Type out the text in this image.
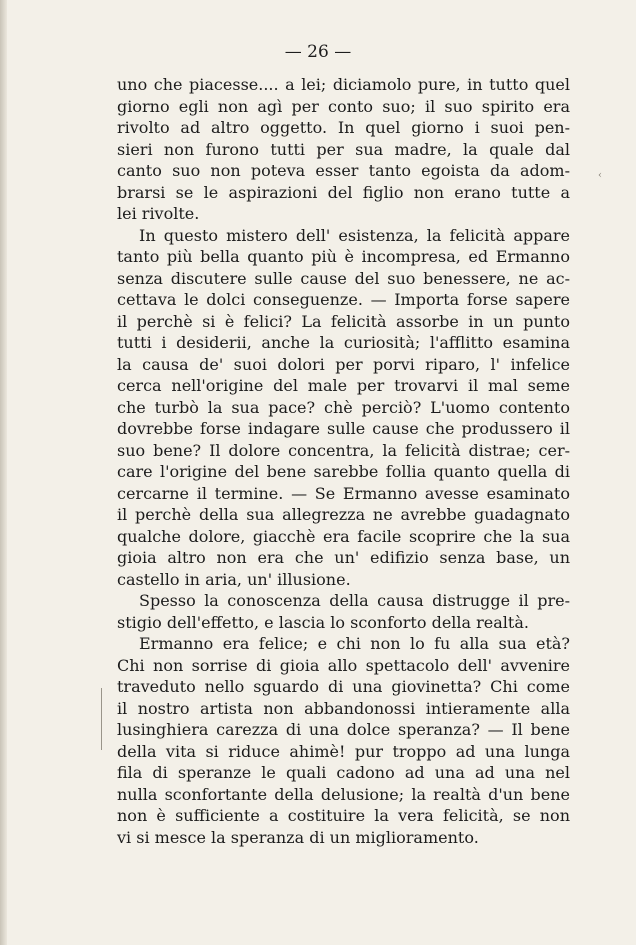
— 26 —
‹

uno che piacesse.... a lei; diciamolo pure, in tutto quel
giorno egli non agì per conto suo; il suo spirito era
rivolto ad altro oggetto. In quel giorno i suoi pen-
sieri non furono tutti per sua madre, la quale dal
canto suo non poteva esser tanto egoista da adom-
brarsi se le aspirazioni del figlio non erano tutte a
lei rivolte.

In questo mistero dell' esistenza, la felicità appare
tanto più bella quanto più è incompresa, ed Ermanno
senza discutere sulle cause del suo benessere, ne ac-
cettava le dolci conseguenze. — Importa forse sapere
il perchè si è felici? La felicità assorbe in un punto
tutti i desiderii, anche la curiosità; l'afflitto esamina
la causa de' suoi dolori per porvi riparo, l' infelice
cerca nell'origine del male per trovarvi il mal seme
che turbò la sua pace? chè perciò? L'uomo contento
dovrebbe forse indagare sulle cause che produssero il
suo bene? Il dolore concentra, la felicità distrae; cer-
care l'origine del bene sarebbe follia quanto quella di
cercarne il termine. — Se Ermanno avesse esaminato
il perchè della sua allegrezza ne avrebbe guadagnato
qualche dolore, giacchè era facile scoprire che la sua
gioia altro non era che un' edifizio senza base, un
castello in aria, un' illusione.

Spesso la conoscenza della causa distrugge il pre-
stigio dell'effetto, e lascia lo sconforto della realtà.

Ermanno era felice; e chi non lo fu alla sua età?
Chi non sorrise di gioia allo spettacolo dell' avvenire
traveduto nello sguardo di una giovinetta? Chi come
il nostro artista non abbandonossi intieramente alla
lusinghiera carezza di una dolce speranza? — Il bene
della vita si riduce ahimè! pur troppo ad una lunga
fila di speranze le quali cadono ad una ad una nel
nulla sconfortante della delusione; la realtà d'un bene
non è sufficiente a costituire la vera felicità, se non
vi si mesce la speranza di un miglioramento.
